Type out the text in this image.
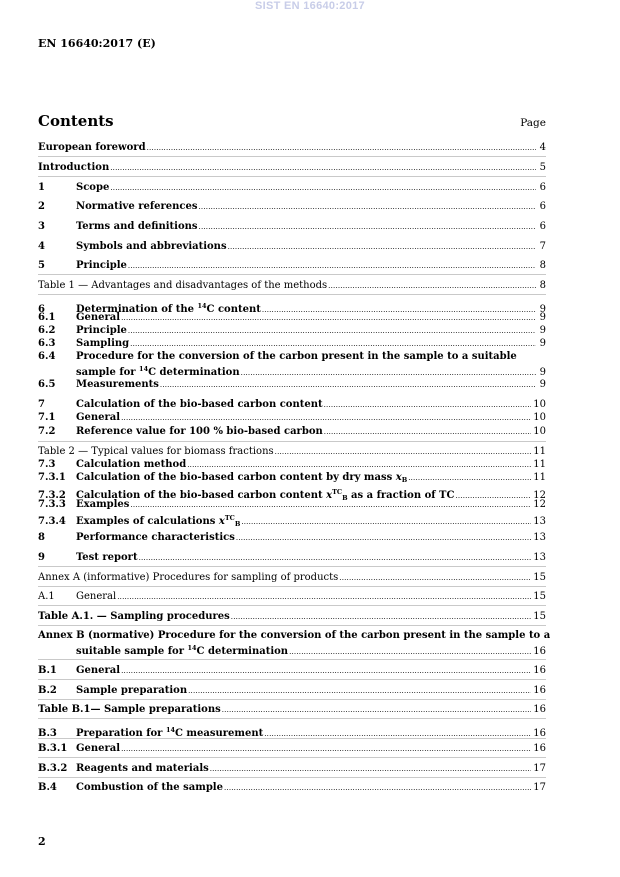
SIST EN 16640:2017
EN 16640:2017 (E)
Contents	Page
European foreword .....	4
Introduction .....	5
1	Scope .....	6
2	Normative references .....	6
3	Terms and definitions .....	6
4	Symbols and abbreviations .....	7
5	Principle .....	8
Table 1 — Advantages and disadvantages of the methods .....	8
6	Determination of the $^{14}$C content .....	9
6.1	General .....	9
6.2	Principle .....	9
6.3	Sampling .....	9
6.4	Procedure for the conversion of the carbon present in the sample to a suitable
sample for $^{14}$C determination .....	9
6.5	Measurements .....	9
7	Calculation of the bio-based carbon content .....	10
7.1	General .....	10
7.2	Reference value for 100 % bio-based carbon .....	10
Table 2 — Typical values for biomass fractions .....	11
7.3	Calculation method .....	11
7.3.1	Calculation of the bio-based carbon content by dry mass $x_B$ .....	11
7.3.2	Calculation of the bio-based carbon content $x^{TC}_B$ as a fraction of TC .....	12
7.3.3	Examples .....	12
7.3.4	Examples of calculations $x^{TC}_B$ .....	13
8	Performance characteristics .....	13
9	Test report .....	13
Annex A (informative) Procedures for sampling of products .....	15
A.1	General .....	15
Table A.1. — Sampling procedures .....	15
Annex B (normative) Procedure for the conversion of the carbon present in the sample to a
suitable sample for $^{14}$C determination .....	16
B.1	General .....	16
B.2	Sample preparation .....	16
Table B.1— Sample preparations .....	16
B.3	Preparation for $^{14}$C measurement .....	16
B.3.1 General .....	16
B.3.2 Reagents and materials .....	17
B.4	Combustion of the sample .....	17
2
